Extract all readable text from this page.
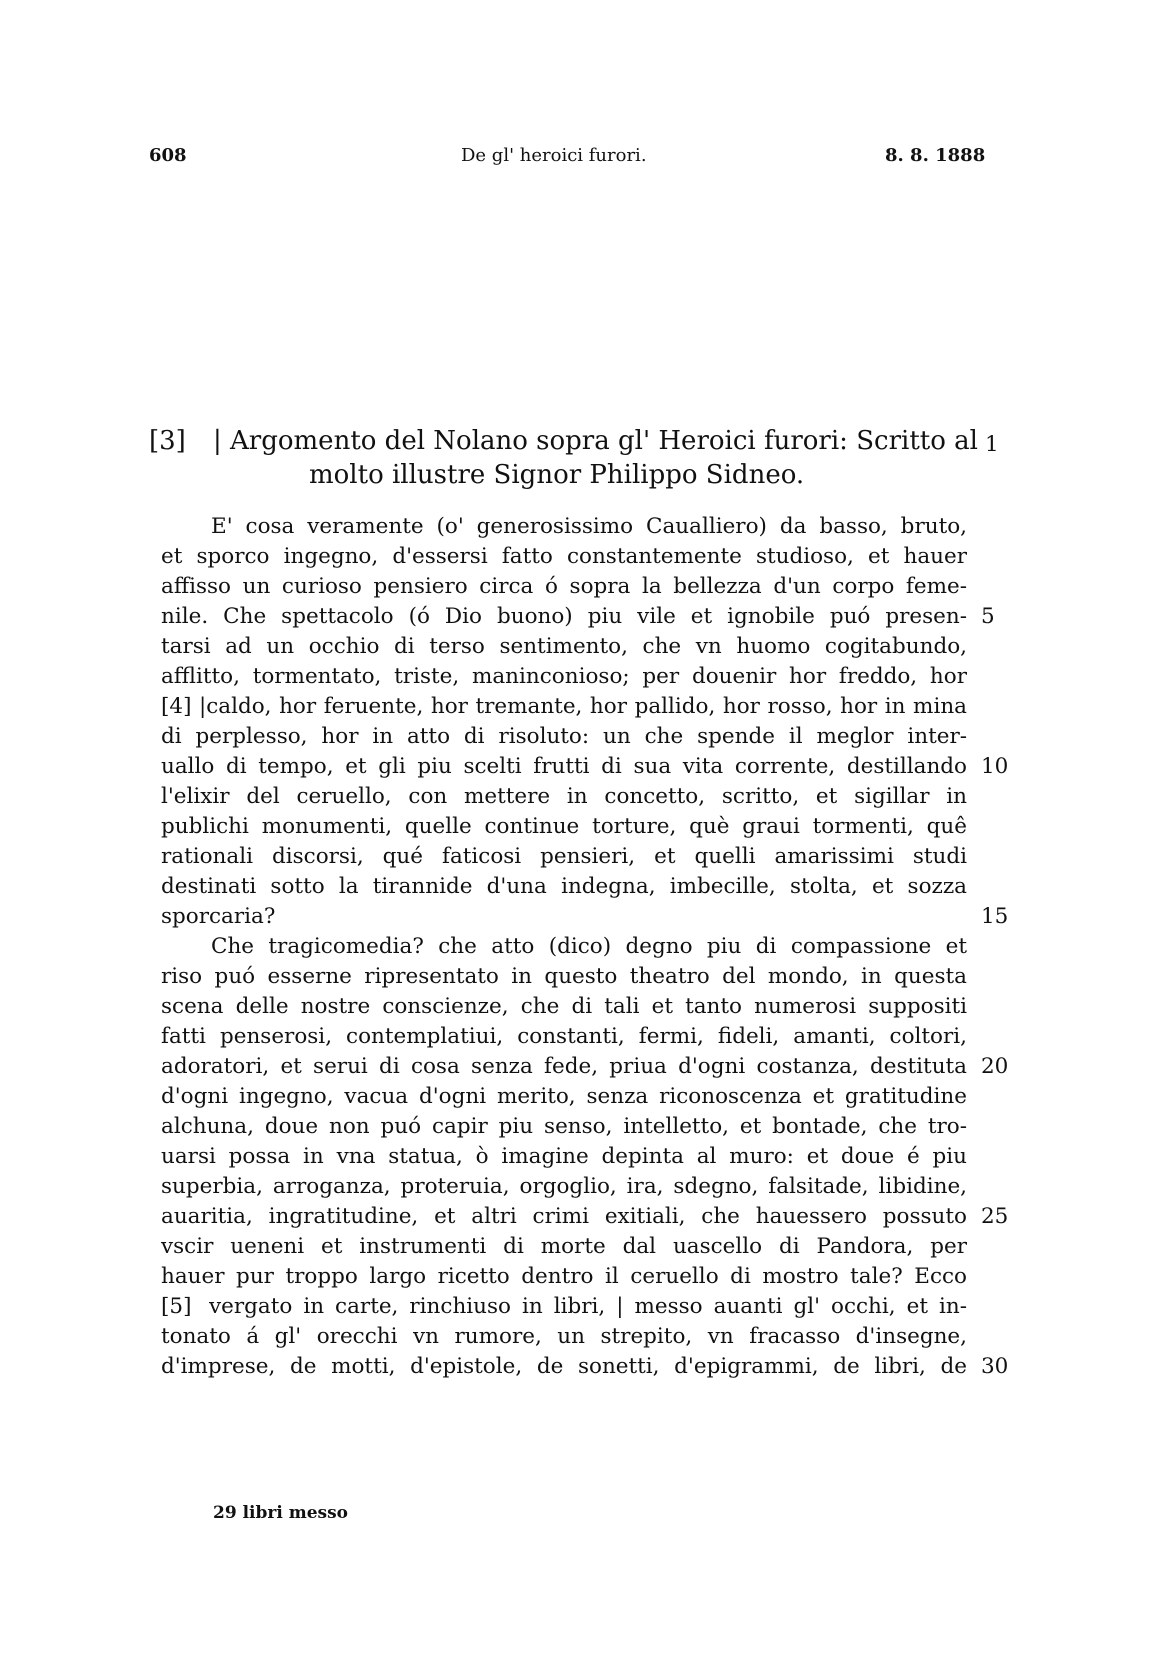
608	De gl' heroici furori.	8. 8. 1888
[3] | Argomento del Nolano sopra gl' Heroici furori: Scritto al
molto illustre Signor Philippo Sidneo.
1
E' cosa veramente (o' generosissimo Caualliero) da basso, bruto,
et sporco ingegno, d'essersi fatto constantemente studioso, et hauer
affisso un curioso pensiero circa ó sopra la bellezza d'un corpo feme-
nile. Che spettacolo (ó Dio buono) piu vile et ignobile puó presen-
tarsi ad un occhio di terso sentimento, che vn huomo cogitabundo,
afflitto, tormentato, triste, maninconioso; per douenir hor freddo, hor
|caldo, hor feruente, hor tremante, hor pallido, hor rosso, hor in mina
di perplesso, hor in atto di risoluto: un che spende il meglor inter-
uallo di tempo, et gli piu scelti frutti di sua vita corrente, destillando
l'elixir del ceruello, con mettere in concetto, scritto, et sigillar in
publichi monumenti, quelle continue torture, què graui tormenti, quê
rationali discorsi, qué faticosi pensieri, et quelli amarissimi studi
destinati sotto la tirannide d'una indegna, imbecille, stolta, et sozza
sporcaria?
Che tragicomedia? che atto (dico) degno piu di compassione et
riso puó esserne ripresentato in questo theatro del mondo, in questa
scena delle nostre conscienze, che di tali et tanto numerosi suppositi
fatti penserosi, contemplatiui, constanti, fermi, fideli, amanti, coltori,
adoratori, et serui di cosa senza fede, priua d'ogni costanza, destituta
d'ogni ingegno, vacua d'ogni merito, senza riconoscenza et gratitudine
alchuna, doue non puó capir piu senso, intelletto, et bontade, che tro-
uarsi possa in vna statua, ò imagine depinta al muro: et doue é piu
superbia, arroganza, proteruia, orgoglio, ira, sdegno, falsitade, libidine,
auaritia, ingratitudine, et altri crimi exitiali, che hauessero possuto
vscir ueneni et instrumenti di morte dal uascello di Pandora, per
hauer pur troppo largo ricetto dentro il ceruello di mostro tale? Ecco
vergato in carte, rinchiuso in libri, | messo auanti gl' occhi, et in-
tonato á gl' orecchi vn rumore, un strepito, vn fracasso d'insegne,
d'imprese, de motti, d'epistole, de sonetti, d'epigrammi, de libri, de
[4]
[5]
5
10
15
20
25
30
29 libri messo
